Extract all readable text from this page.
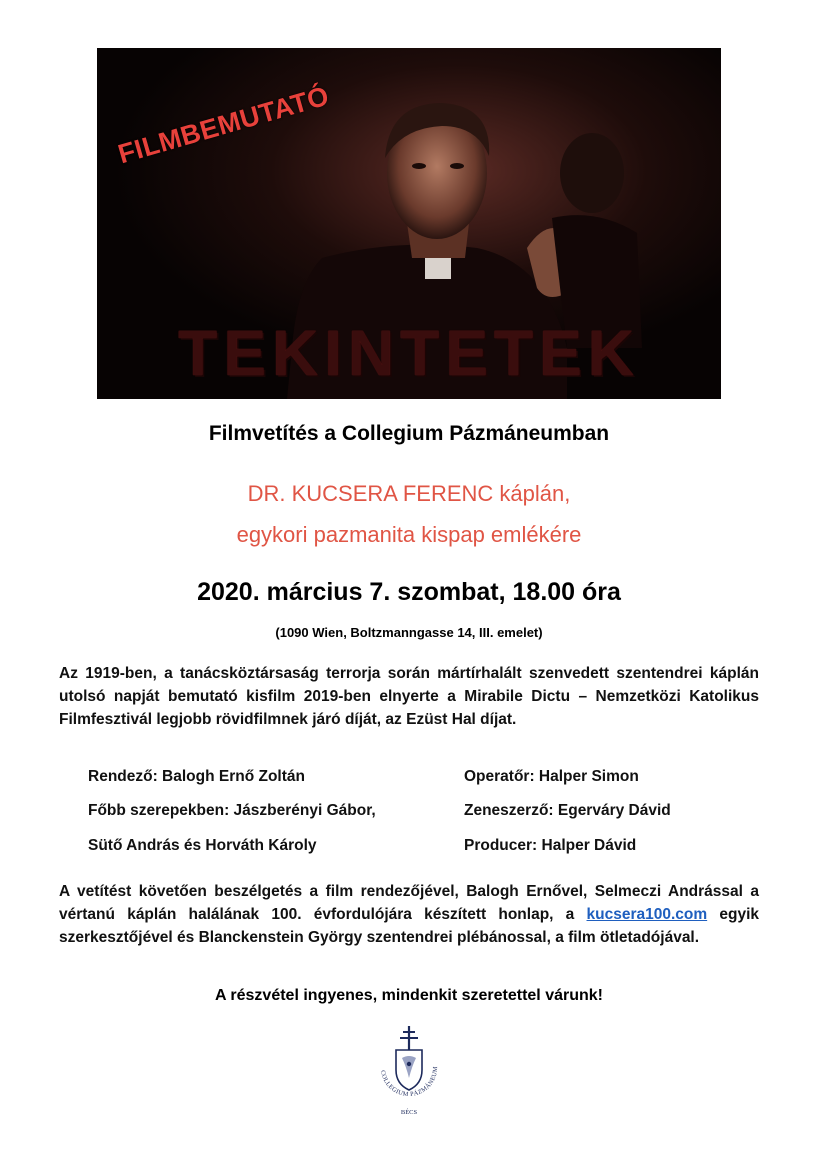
FILMBEMUTATÓ
TEKINTETEK
Filmvetítés a Collegium Pázmáneumban
DR. KUCSERA FERENC káplán,
egykori pazmanita kispap emlékére
2020. március 7. szombat, 18.00 óra
(1090 Wien, Boltzmanngasse 14, III. emelet)
Az 1919-ben, a tanácsköztársaság terrorja során mártírhalált szenvedett szentendrei káplán utolsó napját bemutató kisfilm 2019-ben elnyerte a Mirabile Dictu – Nemzetközi Katolikus Filmfesztivál legjobb rövidfilmnek járó díját, az Ezüst Hal díjat.
Rendező: Balogh Ernő Zoltán
Főbb szerepekben: Jászberényi Gábor,
Sütő András és Horváth Károly
Operatőr: Halper Simon
Zeneszerző: Egerváry Dávid
Producer: Halper Dávid
A vetítést követően beszélgetés a film rendezőjével, Balogh Ernővel, Selmeczi Andrással a vértanú káplán halálának 100. évfordulójára készített honlap, a kucsera100.com egyik szerkesztőjével és Blanckenstein György szentendrei plébánossal, a film ötletadójával.
A részvétel ingyenes, mindenkit szeretettel várunk!
COLLEGIUM PÁZMÁNEUM
BÉCS
